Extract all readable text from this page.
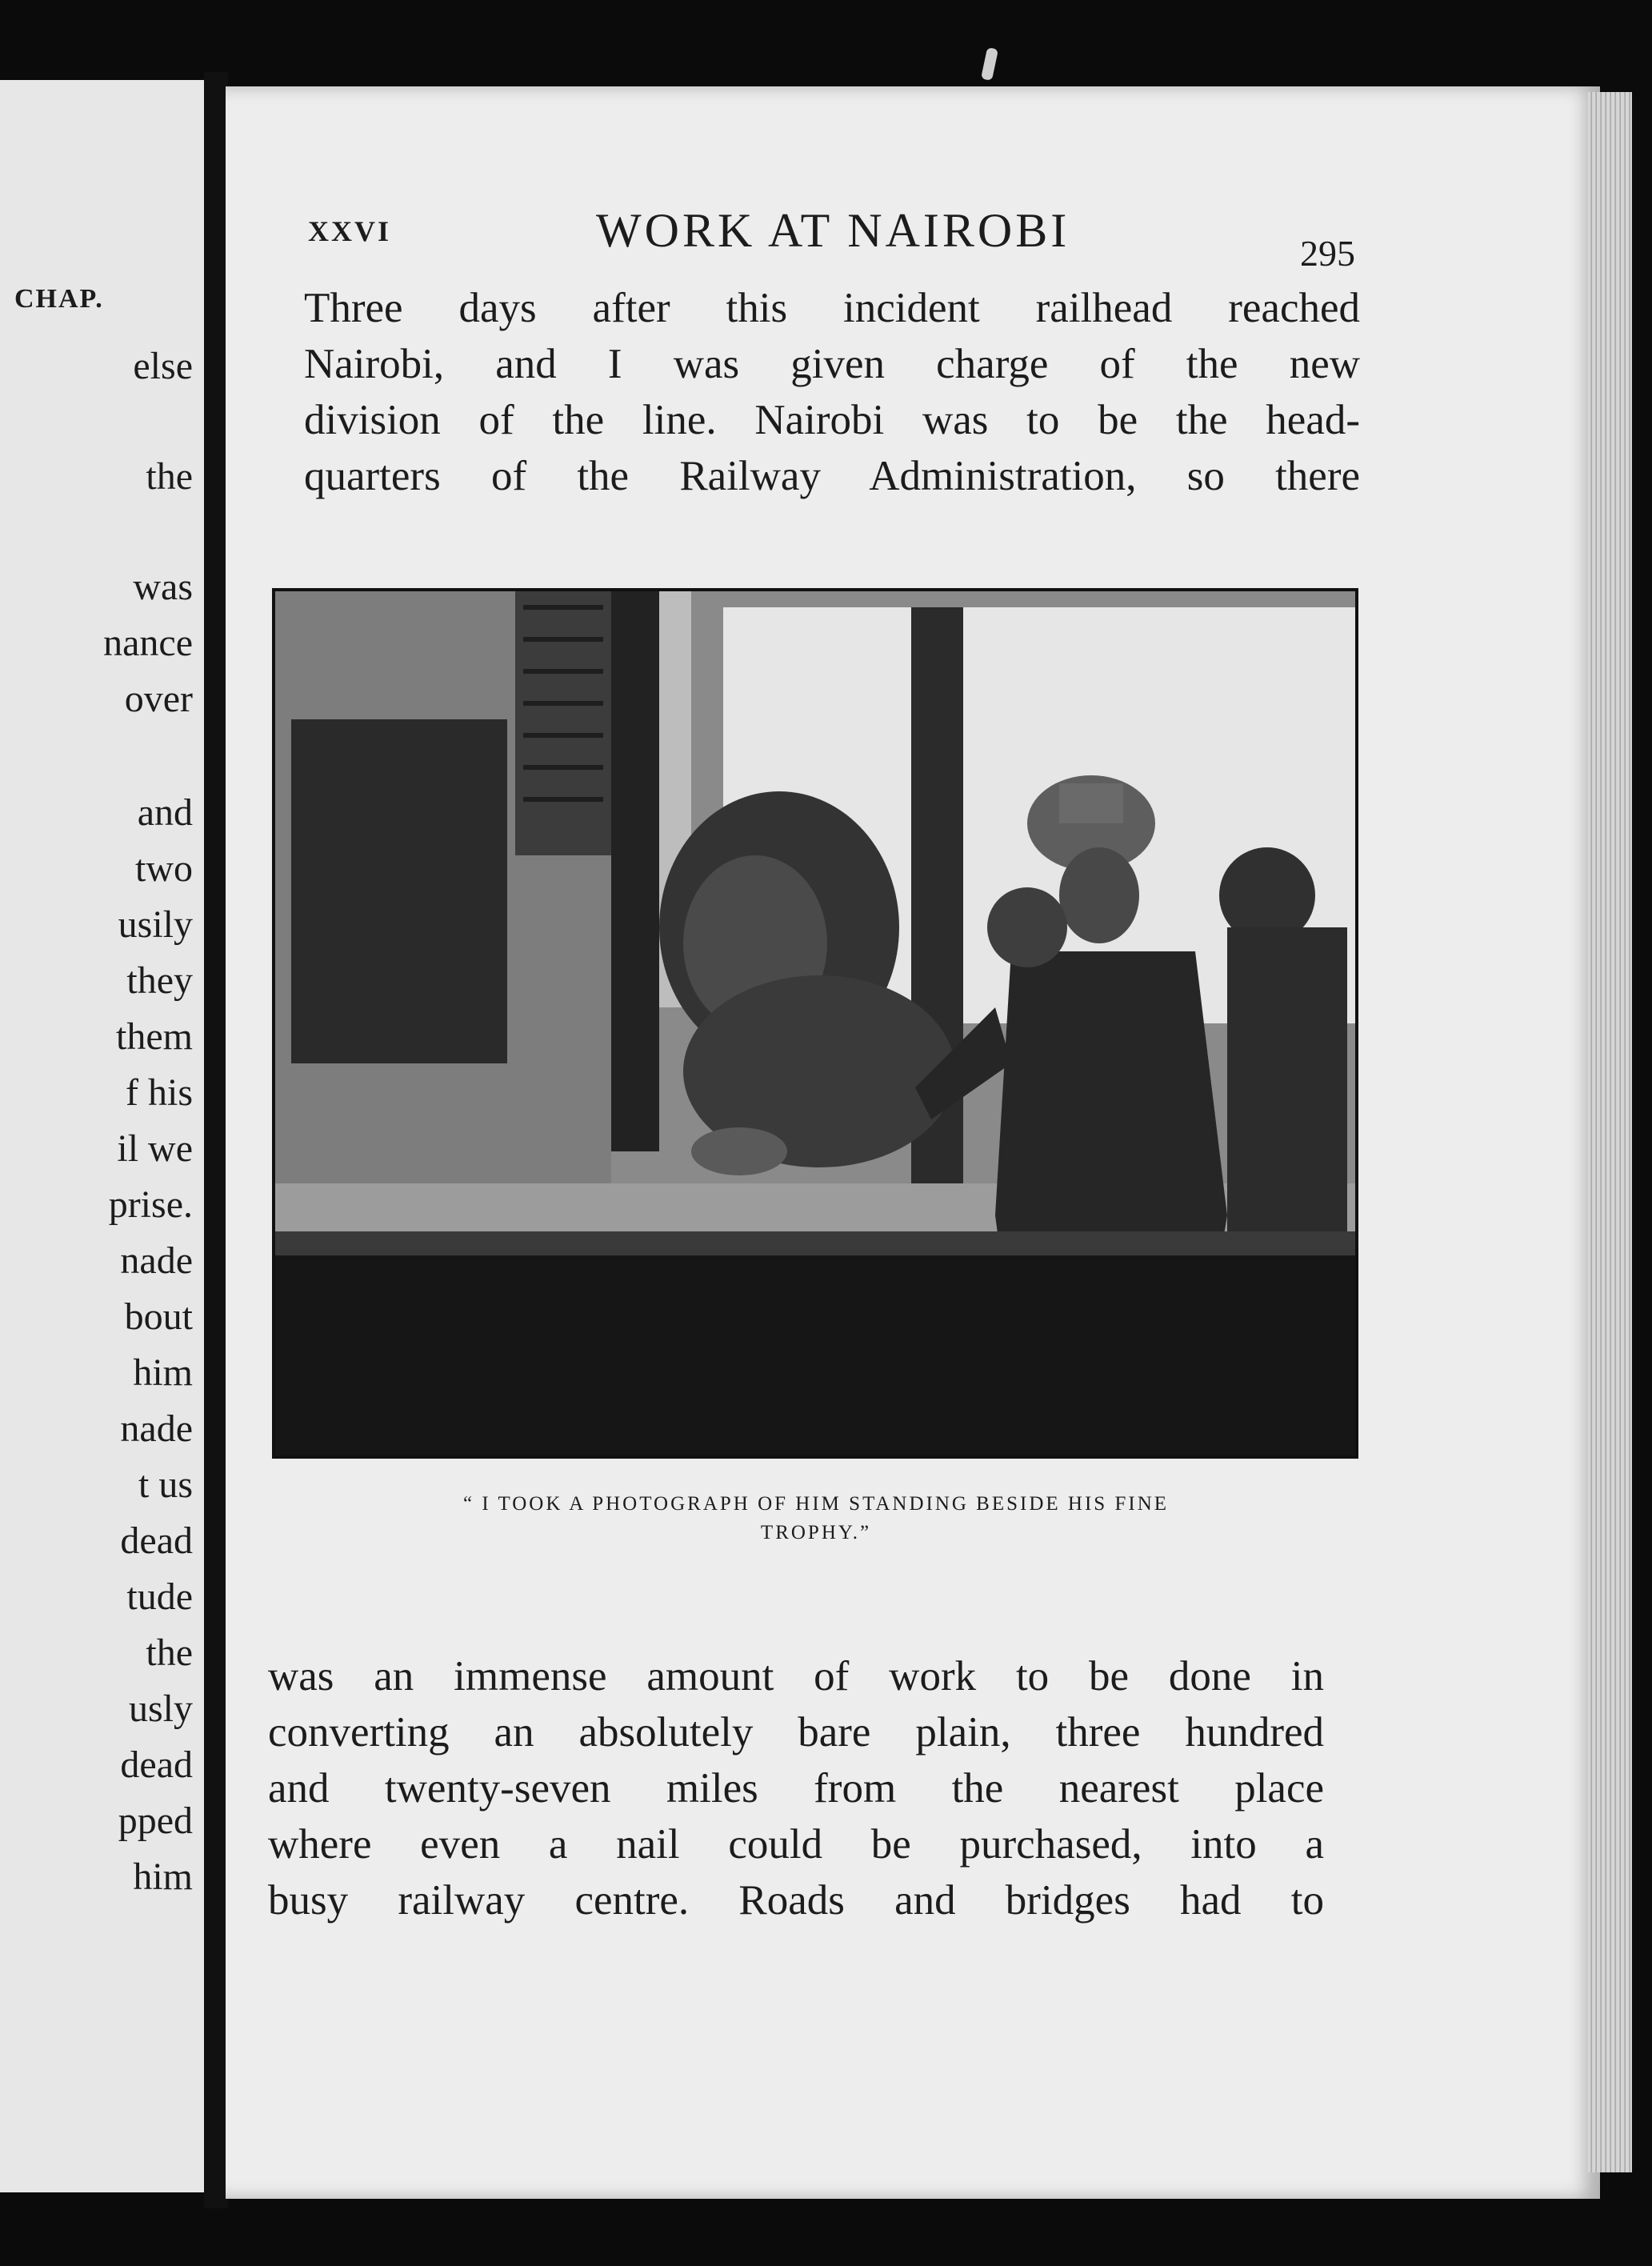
CHAP.
else
the
was
nance
over
and
two
usily
they
them
f his
il we
prise.
nade
bout
him
nade
t us
dead
tude
the
usly
dead
pped
him
XXVI	WORK AT NAIROBI	295
Three days after this incident railhead reached
Nairobi, and I was given charge of the new
division of the line. Nairobi was to be the head-
quarters of the Railway Administration, so there
“ I TOOK A PHOTOGRAPH OF HIM STANDING BESIDE HIS FINE
TROPHY.”
was an immense amount of work to be done in
converting an absolutely bare plain, three hundred
and twenty-seven miles from the nearest place
where even a nail could be purchased, into a
busy railway centre. Roads and bridges had to
